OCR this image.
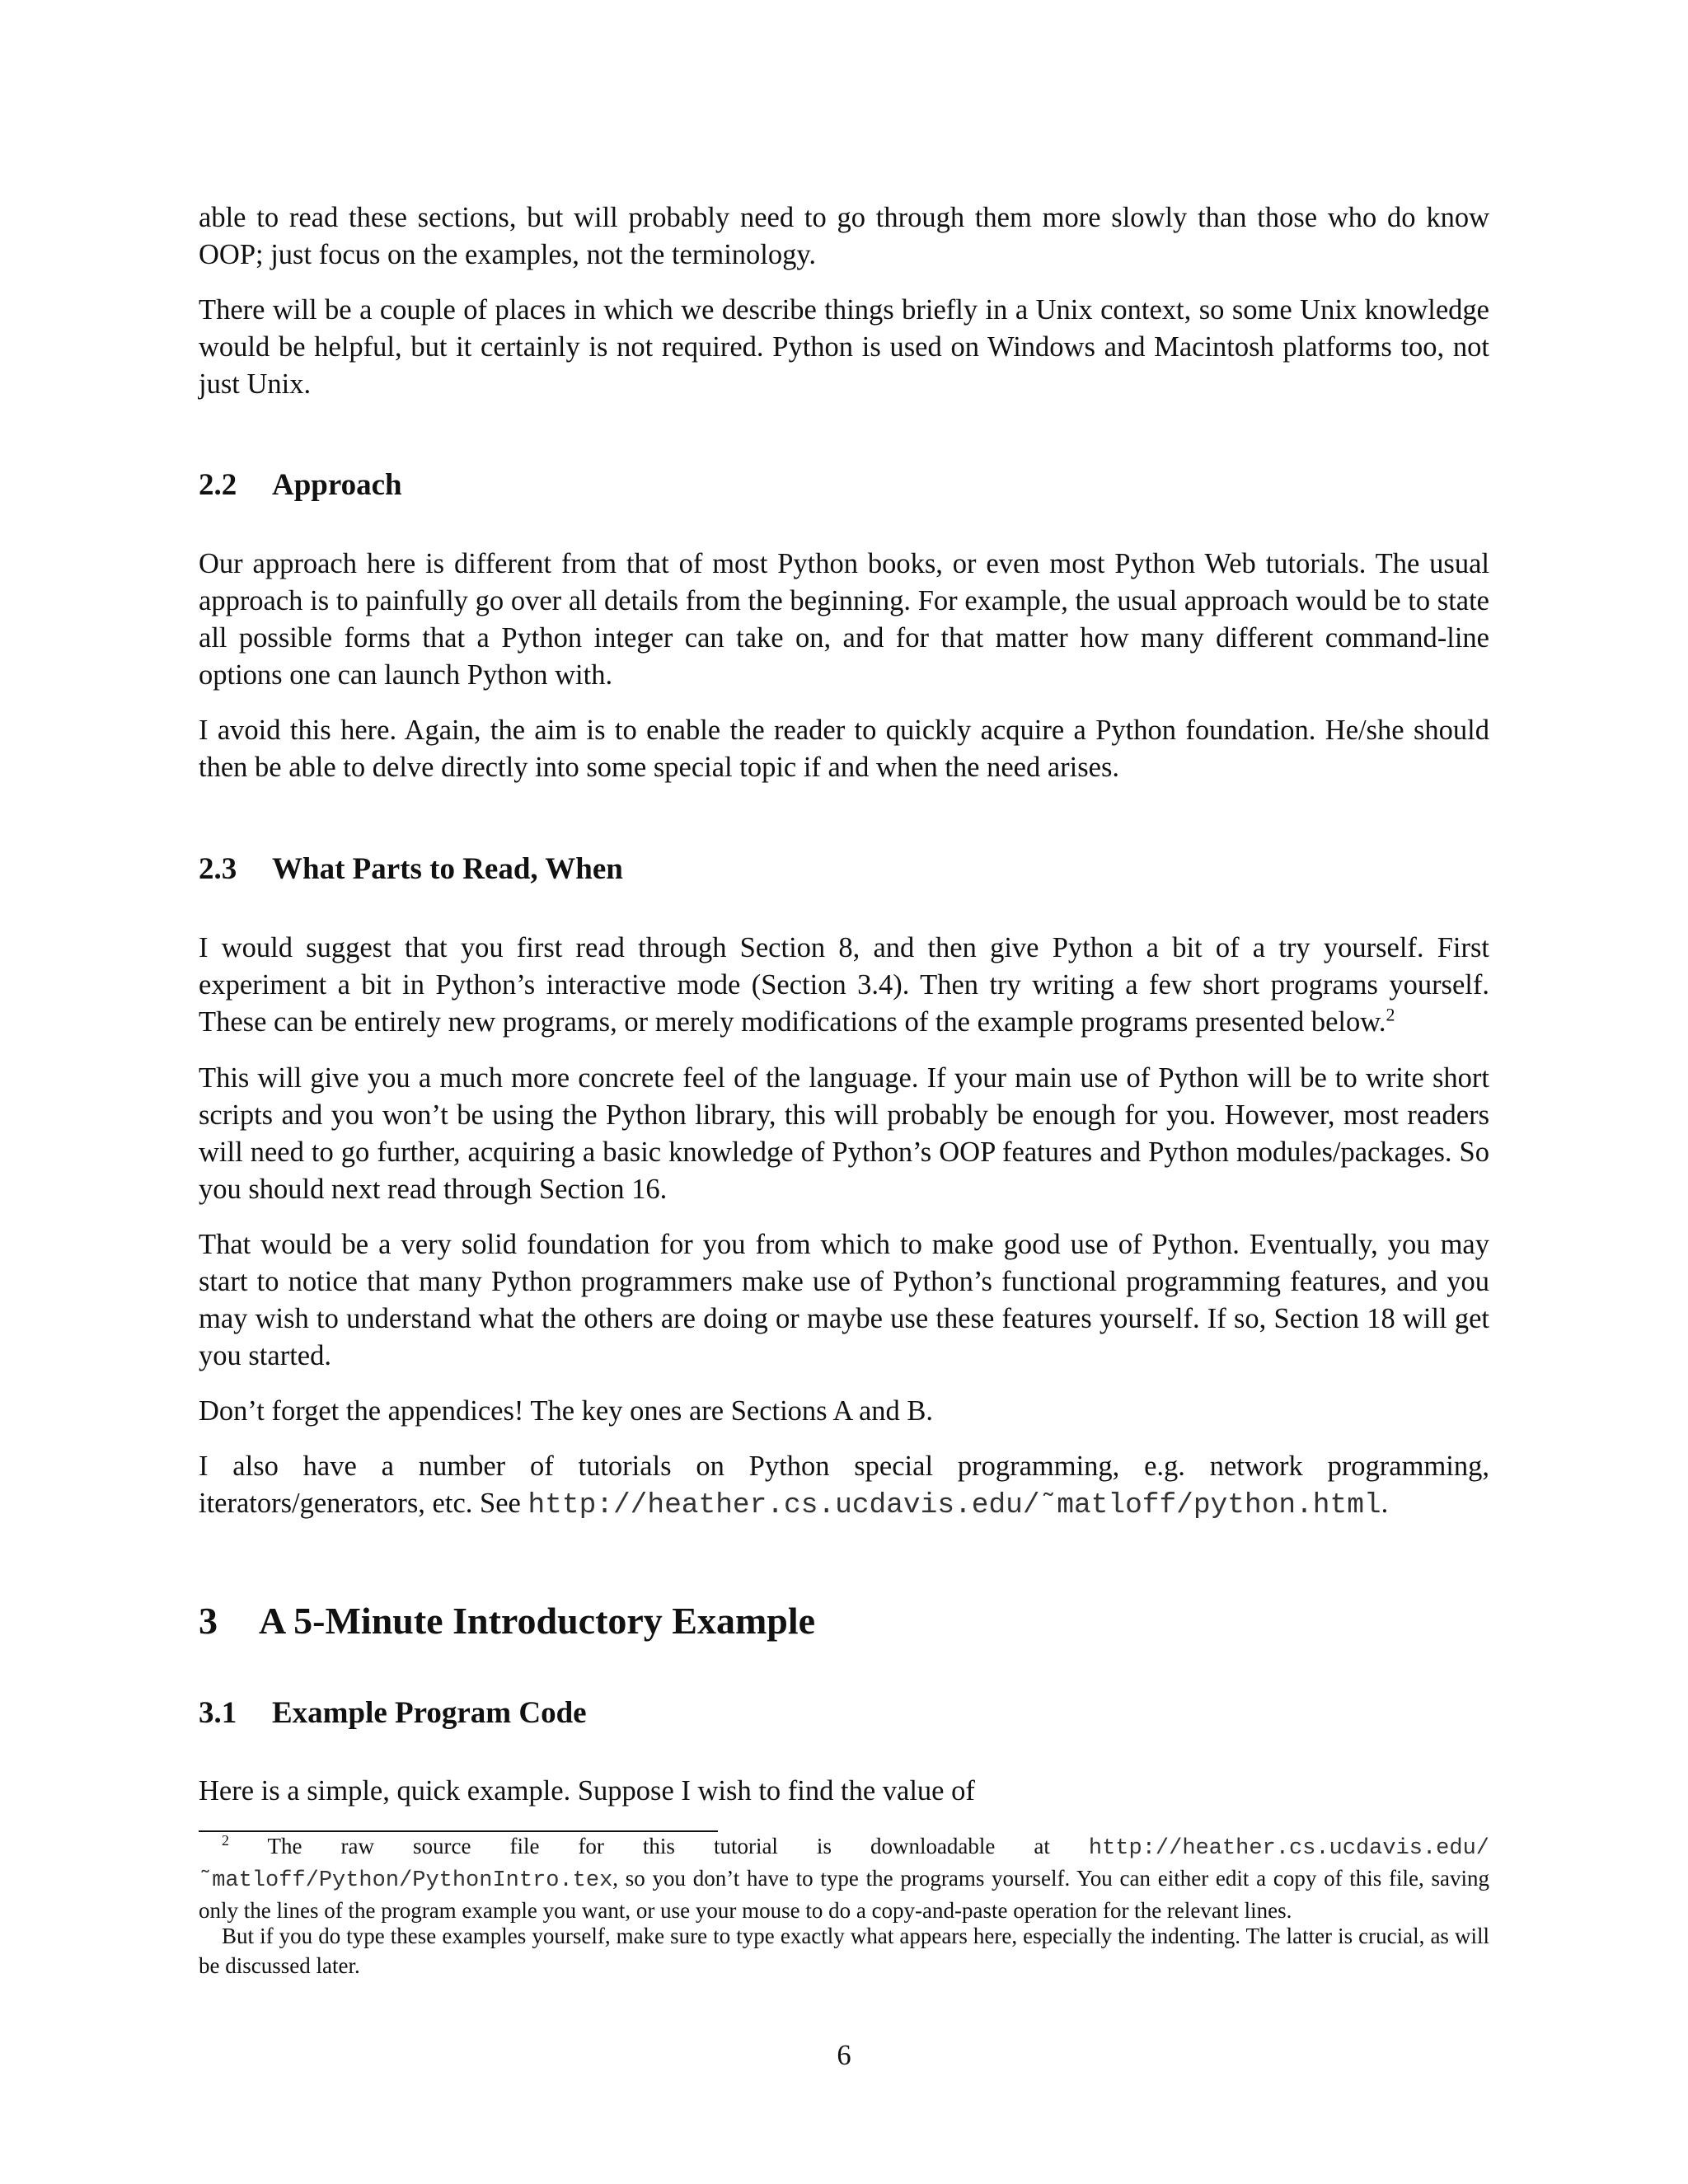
able to read these sections, but will probably need to go through them more slowly than those who do know OOP; just focus on the examples, not the terminology.

There will be a couple of places in which we describe things briefly in a Unix context, so some Unix knowledge would be helpful, but it certainly is not required. Python is used on Windows and Macintosh platforms too, not just Unix.

2.2 Approach

Our approach here is different from that of most Python books, or even most Python Web tutorials. The usual approach is to painfully go over all details from the beginning. For example, the usual approach would be to state all possible forms that a Python integer can take on, and for that matter how many different command-line options one can launch Python with.

I avoid this here. Again, the aim is to enable the reader to quickly acquire a Python foundation. He/she should then be able to delve directly into some special topic if and when the need arises.

2.3 What Parts to Read, When

I would suggest that you first read through Section 8, and then give Python a bit of a try yourself. First experiment a bit in Python’s interactive mode (Section 3.4). Then try writing a few short programs yourself. These can be entirely new programs, or merely modifications of the example programs presented below.$^2$

This will give you a much more concrete feel of the language. If your main use of Python will be to write short scripts and you won’t be using the Python library, this will probably be enough for you. However, most readers will need to go further, acquiring a basic knowledge of Python’s OOP features and Python modules/packages. So you should next read through Section 16.

That would be a very solid foundation for you from which to make good use of Python. Eventually, you may start to notice that many Python programmers make use of Python’s functional programming features, and you may wish to understand what the others are doing or maybe use these features yourself. If so, Section 18 will get you started.

Don’t forget the appendices! The key ones are Sections A and B.

I also have a number of tutorials on Python special programming, e.g. network programming, iterators/generators, etc. See http://heather.cs.ucdavis.edu/˜matloff/python.html.

3 A 5-Minute Introductory Example
3.1 Example Program Code

Here is a simple, quick example. Suppose I wish to find the value of

$^2$ The raw source file for this tutorial is downloadable at http://heather.cs.ucdavis.edu/˜matloff/Python/PythonIntro.tex, so you don’t have to type the programs yourself. You can either edit a copy of this file, saving only the lines of the program example you want, or use your mouse to do a copy-and-paste operation for the relevant lines.

But if you do type these examples yourself, make sure to type exactly what appears here, especially the indenting. The latter is crucial, as will be discussed later.

6
